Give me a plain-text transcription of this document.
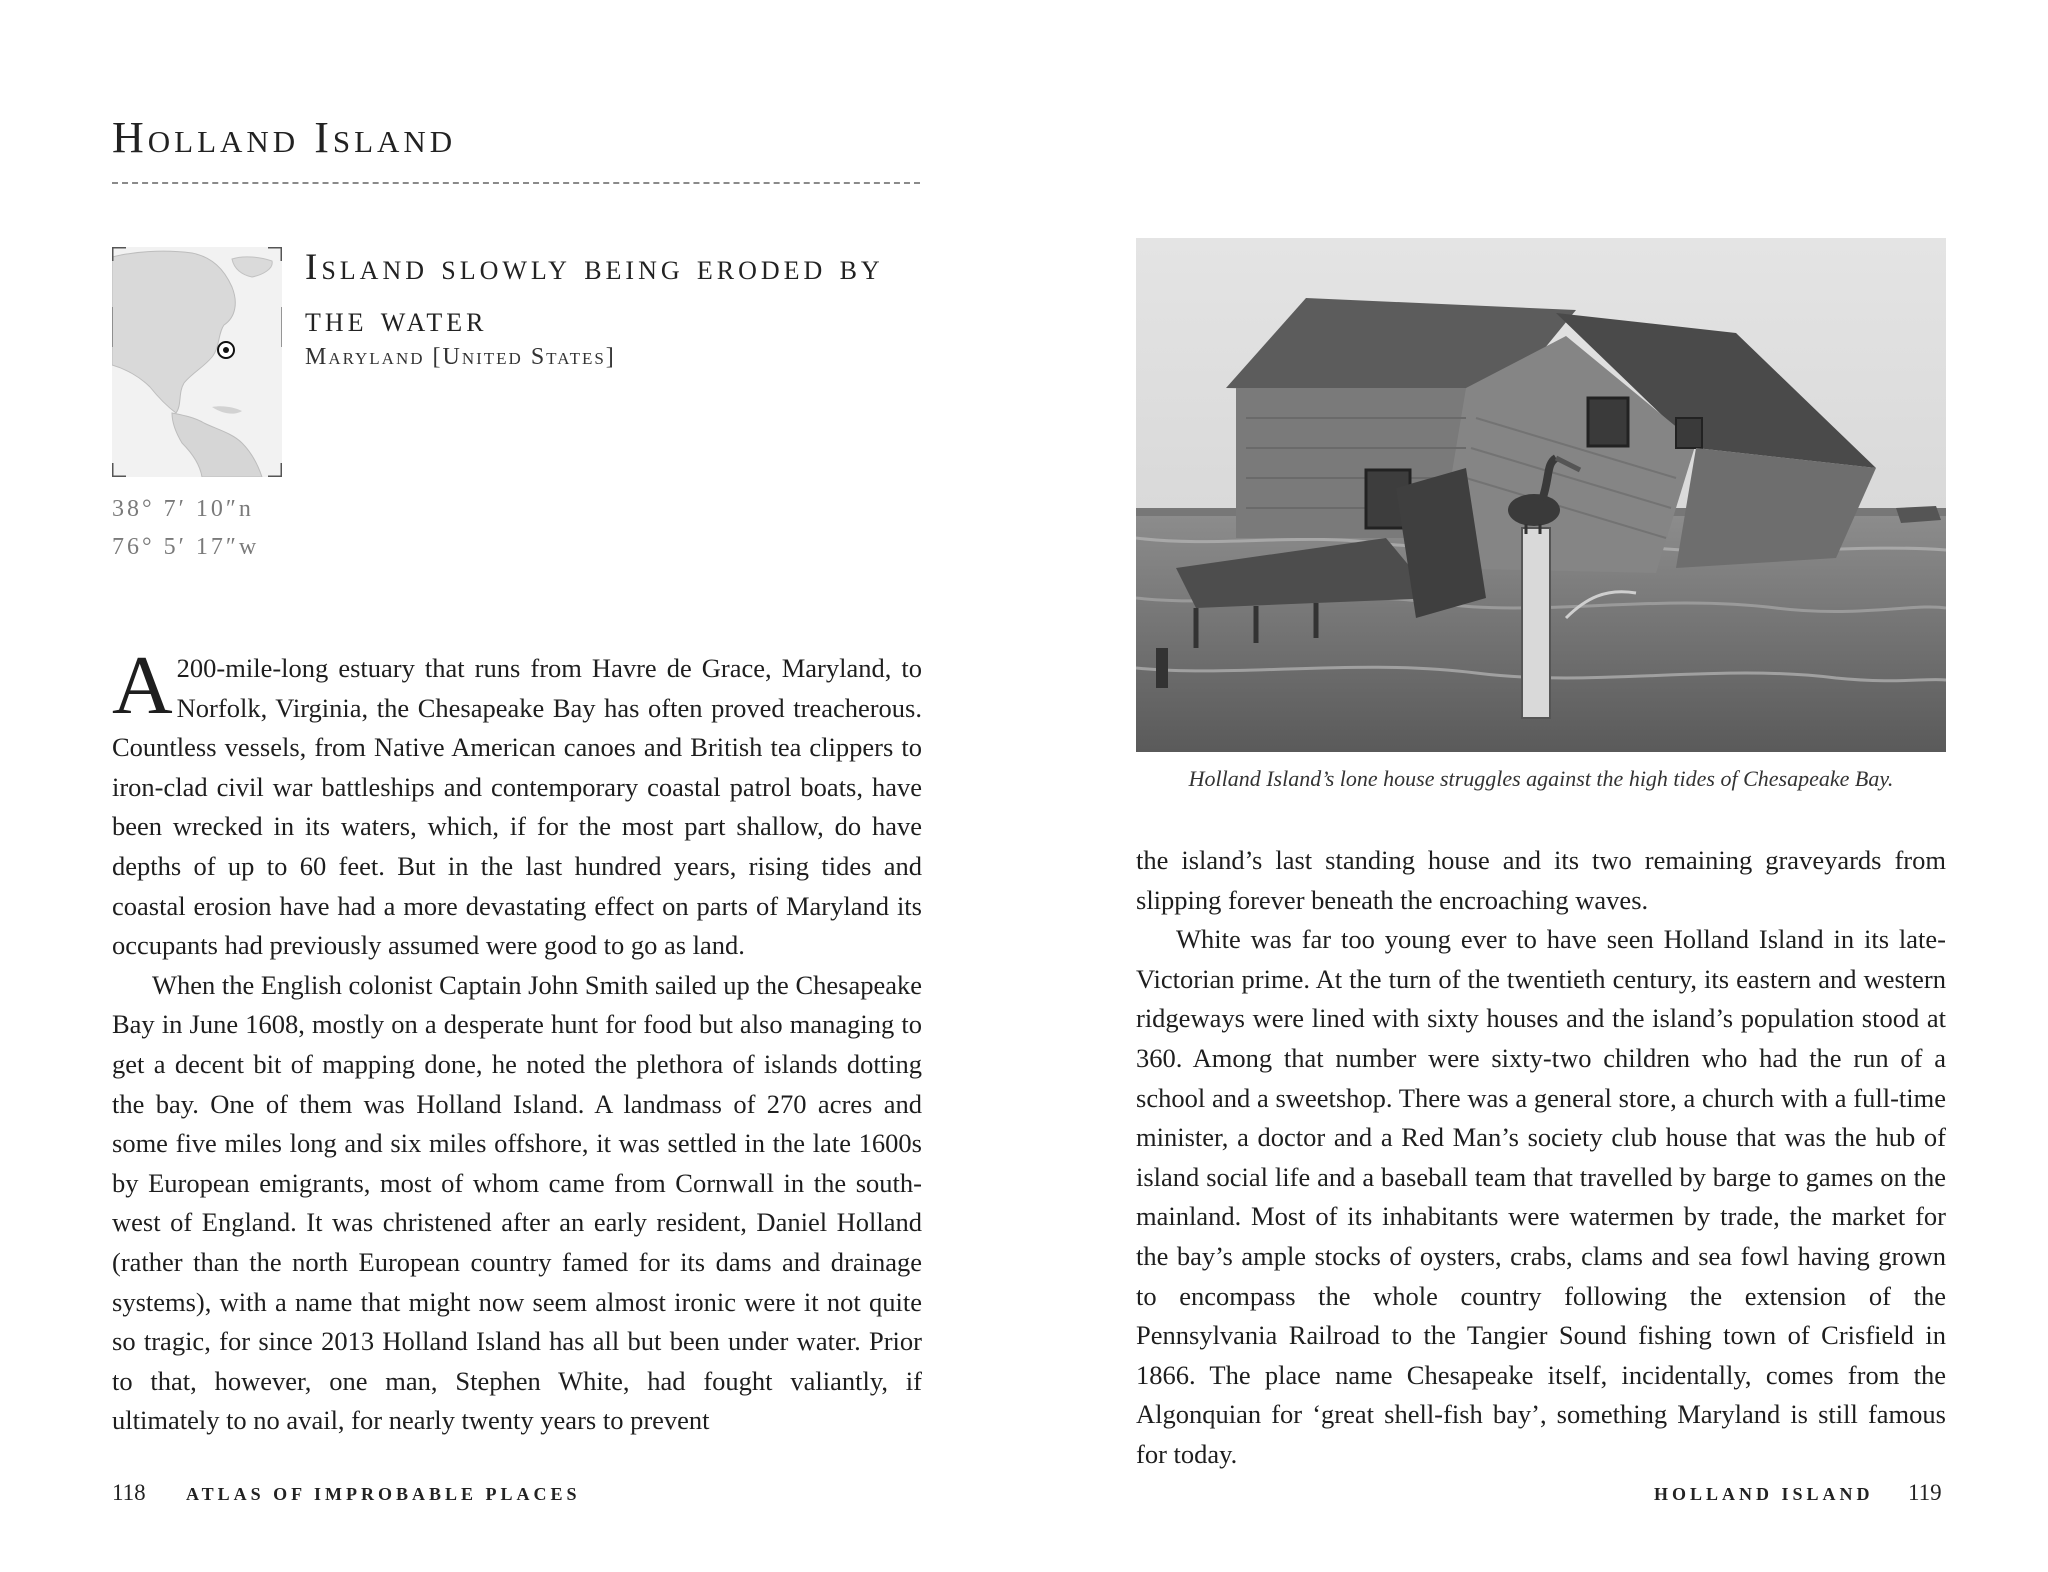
Holland Island
38° 7′ 10″n
76° 5′ 17″w
Island slowly being eroded by the water
Maryland [United States]

A 200-mile-long estuary that runs from Havre de Grace, Maryland, to Norfolk, Virginia, the Chesapeake Bay has often proved treacherous. Countless vessels, from Native American canoes and British tea clippers to iron-clad civil war battleships and contemporary coastal patrol boats, have been wrecked in its waters, which, if for the most part shallow, do have depths of up to 60 feet. But in the last hundred years, rising tides and coastal erosion have had a more devastating effect on parts of Maryland its occupants had previously assumed were good to go as land.

When the English colonist Captain John Smith sailed up the Chesapeake Bay in June 1608, mostly on a desperate hunt for food but also managing to get a decent bit of mapping done, he noted the plethora of islands dotting the bay. One of them was Holland Island. A landmass of 270 acres and some five miles long and six miles offshore, it was settled in the late 1600s by European emigrants, most of whom came from Cornwall in the south-west of England. It was christened after an early resident, Daniel Holland (rather than the north European country famed for its dams and drainage systems), with a name that might now seem almost ironic were it not quite so tragic, for since 2013 Holland Island has all but been under water. Prior to that, however, one man, Stephen White, had fought valiantly, if ultimately to no avail, for nearly twenty years to prevent

118 ATLAS OF IMPROBABLE PLACES
Holland Island’s lone house struggles against the high tides of Chesapeake Bay.

the island’s last standing house and its two remaining graveyards from slipping forever beneath the encroaching waves.

White was far too young ever to have seen Holland Island in its late-Victorian prime. At the turn of the twentieth century, its eastern and western ridgeways were lined with sixty houses and the island’s population stood at 360. Among that number were sixty-two children who had the run of a school and a sweetshop. There was a general store, a church with a full-time minister, a doctor and a Red Man’s society club house that was the hub of island social life and a baseball team that travelled by barge to games on the mainland. Most of its inhabitants were watermen by trade, the market for the bay’s ample stocks of oysters, crabs, clams and sea fowl having grown to encompass the whole country following the extension of the Pennsylvania Railroad to the Tangier Sound fishing town of Crisfield in 1866. The place name Chesapeake itself, incidentally, comes from the Algonquian for ‘great shell-fish bay’, something Maryland is still famous for today.

HOLLAND ISLAND 119
